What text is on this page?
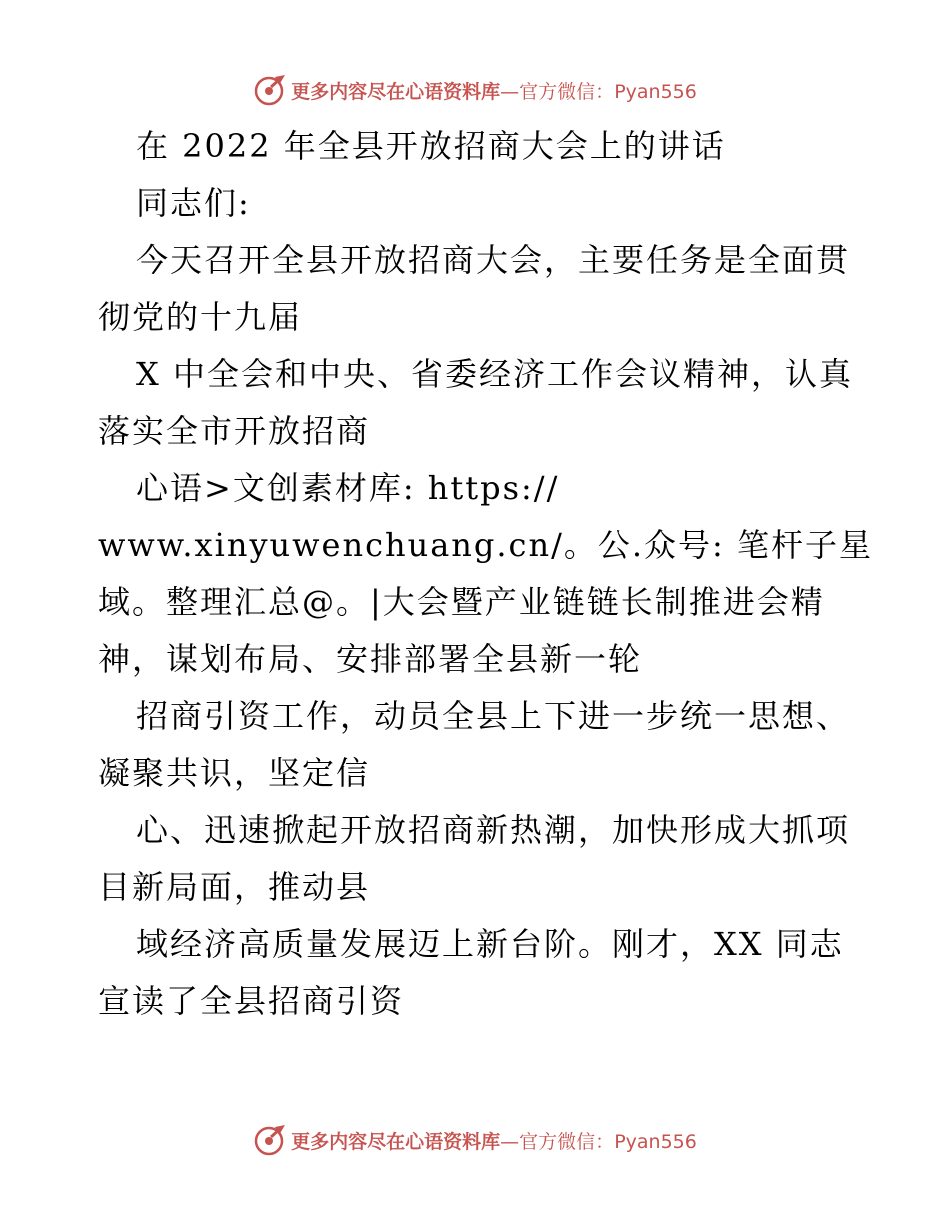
更多内容尽在心语资料库—官方微信：Pyan556
在 2022 年全县开放招商大会上的讲话
同志们:
今天召开全县开放招商大会，主要任务是全面贯
彻党的十九届
X 中全会和中央、省委经济工作会议精神，认真
落实全市开放招商
心语>文创素材库: https://
www.xinyuwenchuang.cn/。公.众号: 笔杆子星
域。整理汇总@。|大会暨产业链链长制推进会精
神，谋划布局、安排部署全县新一轮
招商引资工作，动员全县上下进一步统一思想、
凝聚共识，坚定信
心、迅速掀起开放招商新热潮，加快形成大抓项
目新局面，推动县
域经济高质量发展迈上新台阶。刚才，XX 同志
宣读了全县招商引资
更多内容尽在心语资料库—官方微信：Pyan556
